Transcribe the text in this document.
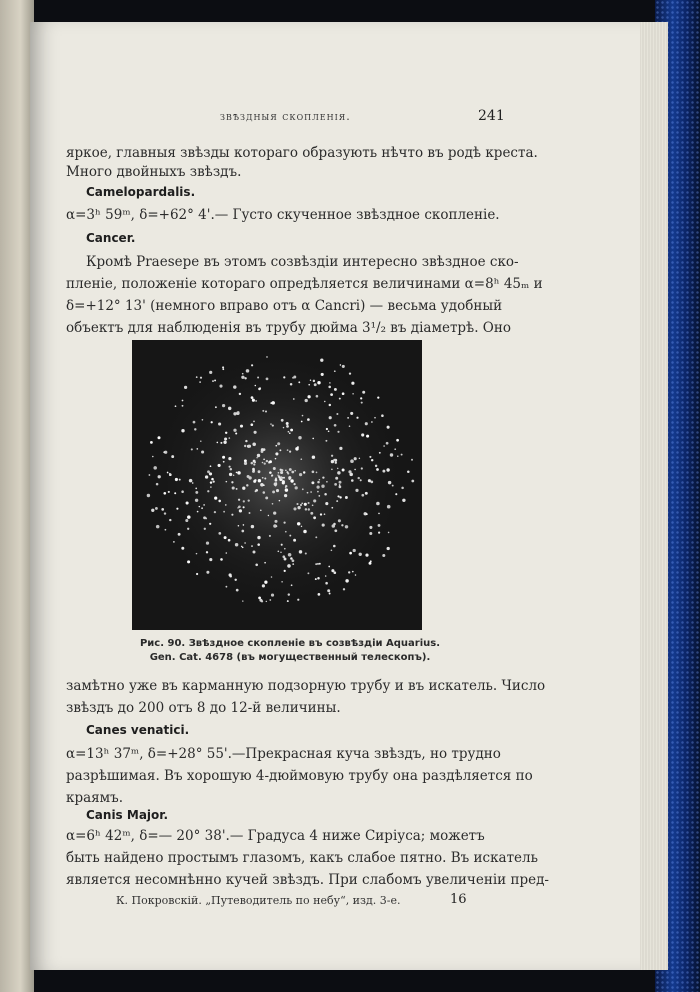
звѣздныя скопленія.	241
яркое, главныя звѣзды котораго образують нѣчто въ родѣ креста.
Много двойныхъ звѣздъ.
Camelopardalis.
α=3ʰ 59ᵐ, δ=+62° 4'.— Густо скученное звѣздное скопленіе.
Cancer.
Кромѣ Praesepe въ этомъ созвѣздіи интересно звѣздное ско-
пленіе, положеніе котораго опредѣляется величинами α=8ʰ 45ₘ и
δ=+12° 13' (немного вправо отъ α Cancri) — весьма удобный
объектъ для наблюденія въ трубу дюйма 3¹/₂ въ діаметрѣ. Оно
Рис. 90. Звѣздное скопленіе въ созвѣздіи Aquarius.
Gen. Cat. 4678 (въ могущественный телескопъ).
замѣтно уже въ карманную подзорную трубу и въ искатель. Число
звѣздъ до 200 отъ 8 до 12-й величины.
Canes venatici.
α=13ʰ 37ᵐ, δ=+28° 55'.—Прекрасная куча звѣздъ, но трудно
разрѣшимая. Въ хорошую 4-дюймовую трубу она раздѣляется по
краямъ.
Canis Major.
α=6ʰ 42ᵐ, δ=— 20° 38'.— Градуса 4 ниже Сиріуса; можетъ
быть найдено простымъ глазомъ, какъ слабое пятно. Въ искатель
является несомнѣнно кучей звѣздъ. При слабомъ увеличеніи пред-
К. Покровскій. „Путеводитель по небу“, изд. 3-е.	16
